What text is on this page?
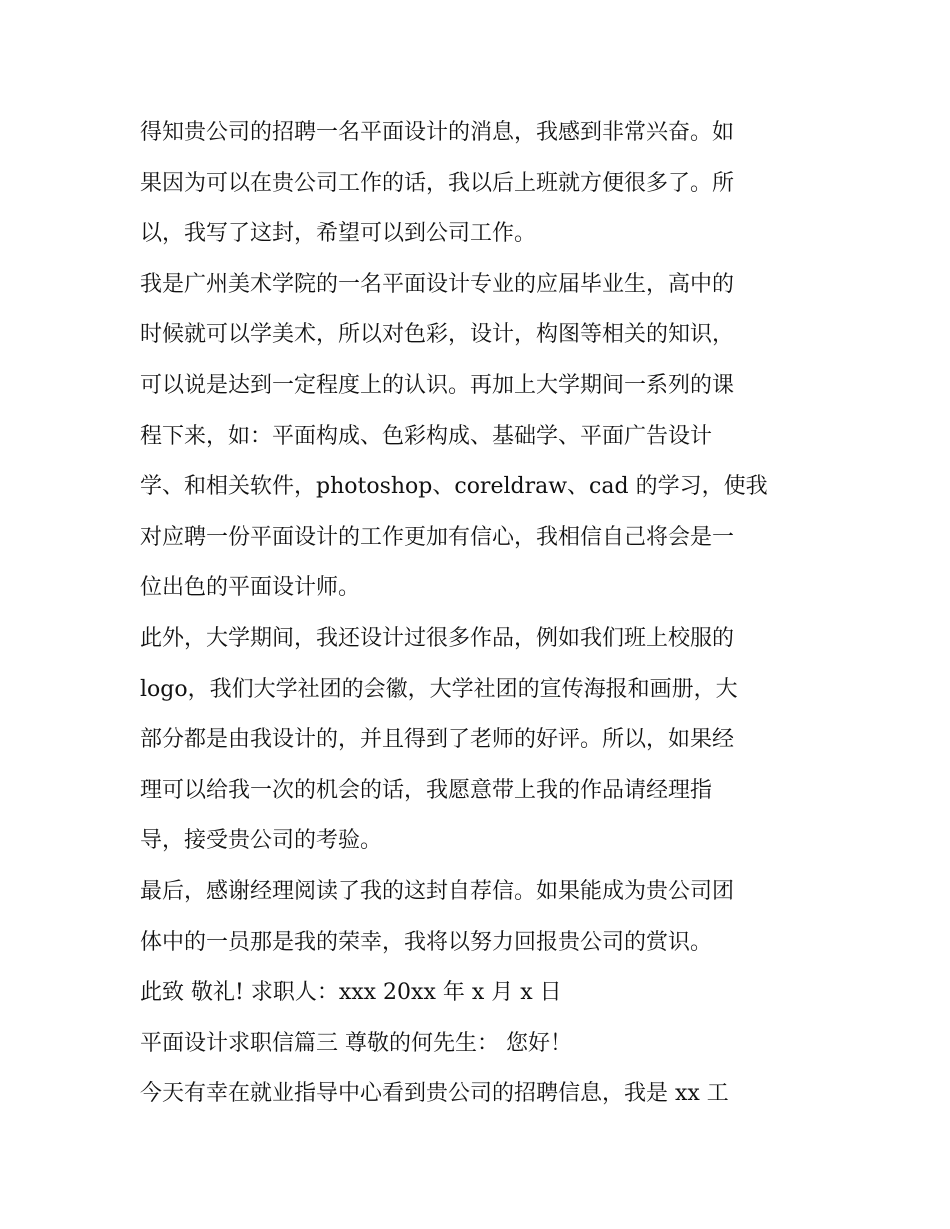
得知贵公司的招聘一名平面设计的消息，我感到非常兴奋。如

果因为可以在贵公司工作的话，我以后上班就方便很多了。所

以，我写了这封，希望可以到公司工作。

我是广州美术学院的一名平面设计专业的应届毕业生，高中的

时候就可以学美术，所以对色彩，设计，构图等相关的知识，

可以说是达到一定程度上的认识。再加上大学期间一系列的课

程下来，如：平面构成、色彩构成、基础学、平面广告设计

学、和相关软件，photoshop、coreldraw、cad 的学习，使我

对应聘一份平面设计的工作更加有信心，我相信自己将会是一

位出色的平面设计师。

此外，大学期间，我还设计过很多作品，例如我们班上校服的

logo，我们大学社团的会徽，大学社团的宣传海报和画册，大

部分都是由我设计的，并且得到了老师的好评。所以，如果经

理可以给我一次的机会的话，我愿意带上我的作品请经理指

导，接受贵公司的考验。

最后，感谢经理阅读了我的这封自荐信。如果能成为贵公司团

体中的一员那是我的荣幸，我将以努力回报贵公司的赏识。

此致 敬礼! 求职人：xxx 20xx 年 x 月 x 日

平面设计求职信篇三 尊敬的何先生： 您好！

今天有幸在就业指导中心看到贵公司的招聘信息，我是 xx 工
